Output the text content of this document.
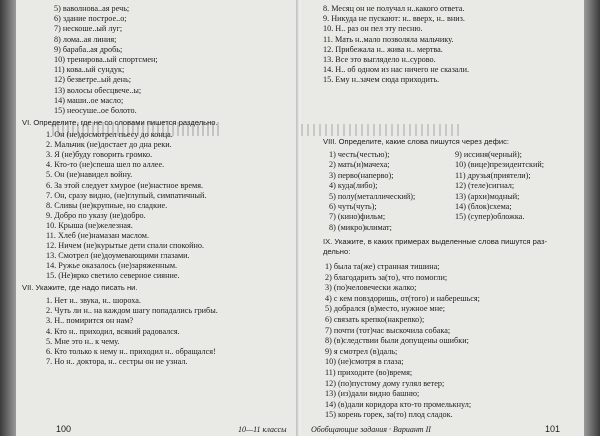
5) ваволнова..ая речь;
6) здание построе..о;
7) нескоше..ый луг;
8) лома..ая линия;
9) бараба..ая дробь;
10) тренирова..ый спортсмен;
11) кова..ый сундук;
12) безветре..ый день;
13) волосы обесцвече..ы;
14) маши..ое масло;
15) неосуше..ое болото.
VI. Определите, где не со словами пишется раздельно.
1. Он (не)досмотрел пьесу до конца.
2. Мальчик (не)достает до дна реки.
3. Я (не)буду говорить громко.
4. Кто-то (не)спеша шел по аллее.
5. Он (не)навидел войну.
6. За этой следует хмурое (не)настное время.
7. Он, сразу видно, (не)глупый, симпатичный.
8. Сливы (не)крупные, но сладкие.
9. Добро по указу (не)добро.
10. Крыша (не)железная.
11. Хлеб (не)намазан маслом.
12. Ничем (не)курытые дети спали спокойно.
13. Смотрел (не)доумевающими глазами.
14. Ружье оказалось (не)заряженным.
15. (Не)ярко светило северное сияние.
VII. Укажите, где надо писать ни.
1. Нет н.. звука, н.. шороха.
2. Чуть ли н.. на каждом шагу попадались грибы.
3. Н.. помирится он нам?
4. Кто н.. приходил, всякий радовался.
5. Мне это н.. к чему.
6. Кто только к нему н.. приходил н.. обращался!
7. Но н.. доктора, н.. сестры он не узнал.
100	10—11 классы
8. Месяц он не получал н..какого ответа.
9. Никуда не пускают: н.. вверх, н.. вниз.
10. Н.. раз он пел эту песню.
11. Мать н..мало позволяла мальчику.
12. Прибежала н.. жива н.. мертва.
13. Все это выглядело н..сурово.
14. Н.. об одном из нас ничего не сказали.
15. Ему н..зачем сюда приходить.
VIII. Определите, какие слова пишутся через дефис:
1) честь(честью);
2) мать(и)мачеха;
3) перво(наперво);
4) куда(либо);
5) полу(металлический);
6) чуть(чуть);
7) (кино)фильм;
8) (микро)климат;
9) иссиня(черный);
10) (вице)президентский;
11) друзья(приятели);
12) (теле)сигнал;
13) (архи)модный;
14) (блок)схема;
15) (супер)обложка.
IX. Укажите, в каких примерах выделенные слова пишутся раз-
дельно:
1) была та(же) странная тишина;
2) благодарить за(то), что помогли;
3) (по)человечески жалко;
4) с кем повздоришь, от(того) и наберешься;
5) добрался (в)место, нужное мне;
6) связать крепко(накрепко);
7) почти (тот)час выскочила собака;
8) (в)следствии были допущены ошибки;
9) я смотрел (в)даль;
10) (не)смотря в глаза;
11) приходите (во)время;
12) (по)пустому дому гулял ветер;
13) (из)дали видно башню;
14) (в)дали коридора кто-то промелькнул;
15) корень горек, за(то) плод сладок.
Обобщающие задания · Вариант II	101
